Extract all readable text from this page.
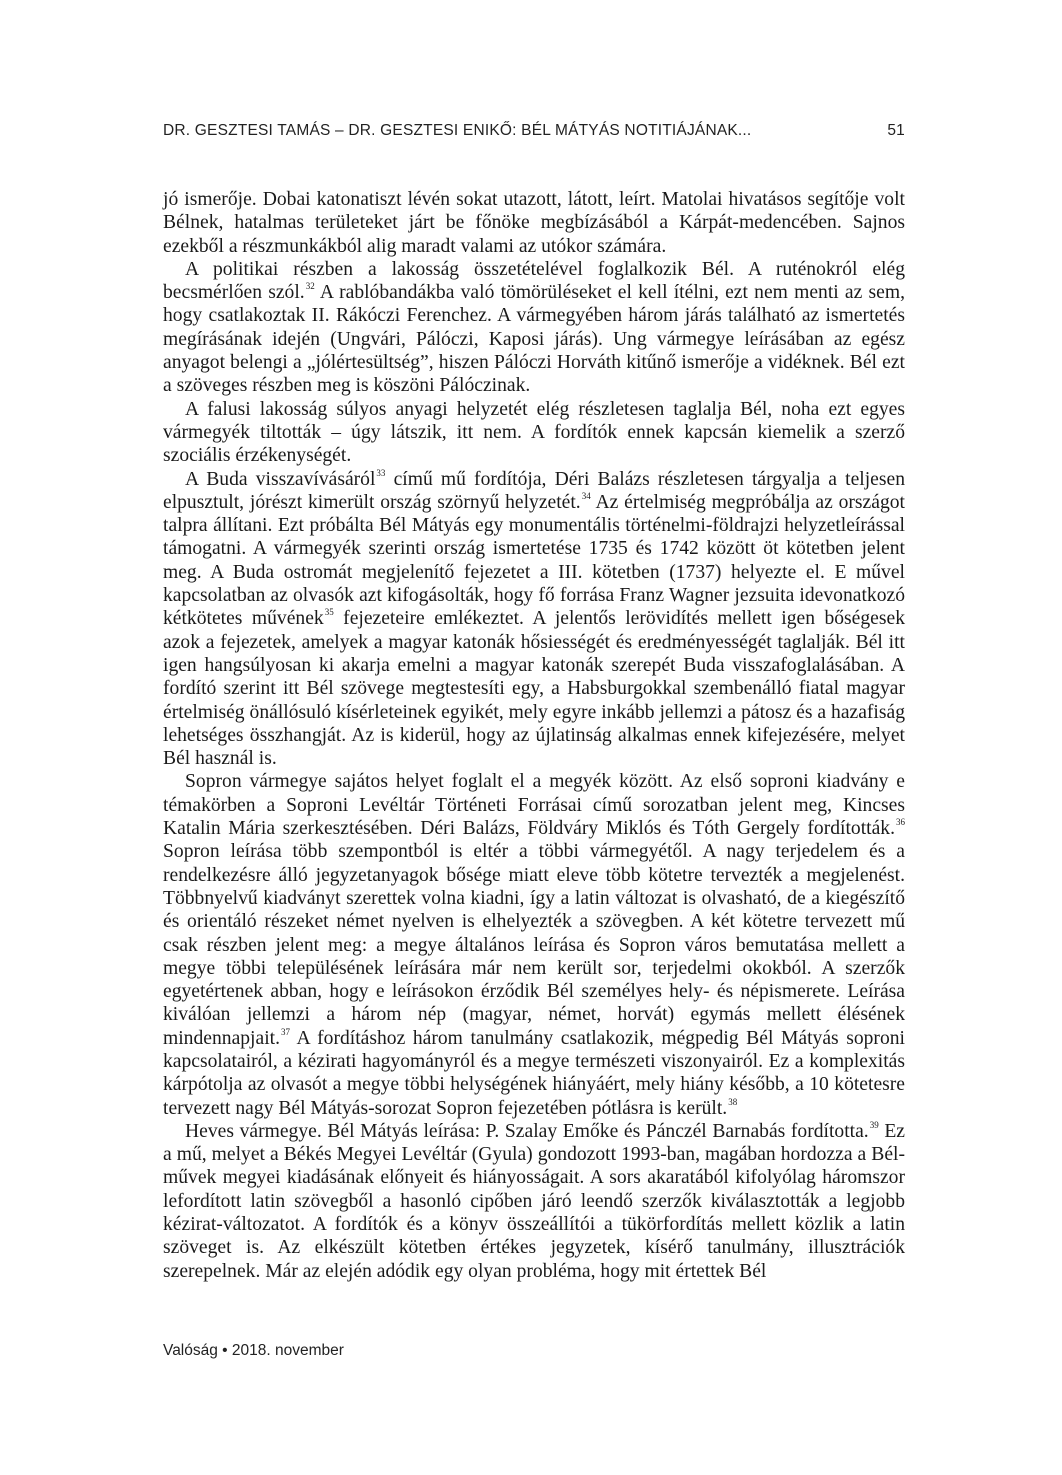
DR. GESZTESI TAMÁS – DR. GESZTESI ENIKŐ: BÉL MÁTYÁS NOTITIÁJÁNAK...	51

jó ismerője. Dobai katonatiszt lévén sokat utazott, látott, leírt. Matolai hivatásos segítője volt Bélnek, hatalmas területeket járt be főnöke megbízásából a Kárpát-medencében. Sajnos ezekből a részmunkákból alig maradt valami az utókor számára.

A politikai részben a lakosság összetételével foglalkozik Bél. A ruténokról elég becsmérlően szól.$^{32}$ A rablóbandákba való tömörüléseket el kell ítélni, ezt nem menti az sem, hogy csatlakoztak II. Rákóczi Ferenchez. A vármegyében három járás található az ismertetés megírásának idején (Ungvári, Pálóczi, Kaposi járás). Ung vármegye leírásában az egész anyagot belengi a „jólértesültség”, hiszen Pálóczi Horváth kitűnő ismerője a vidéknek. Bél ezt a szöveges részben meg is köszöni Pálóczinak.

A falusi lakosság súlyos anyagi helyzetét elég részletesen taglalja Bél, noha ezt egyes vármegyék tiltották – úgy látszik, itt nem. A fordítók ennek kapcsán kiemelik a szerző szociális érzékenységét.

A Buda visszavívásáról$^{33}$ című mű fordítója, Déri Balázs részletesen tárgyalja a teljesen elpusztult, jórészt kimerült ország szörnyű helyzetét.$^{34}$ Az értelmiség megpróbálja az országot talpra állítani. Ezt próbálta Bél Mátyás egy monumentális történelmi-földrajzi helyzetleírással támogatni. A vármegyék szerinti ország ismertetése 1735 és 1742 között öt kötetben jelent meg. A Buda ostromát megjelenítő fejezetet a III. kötetben (1737) helyezte el. E művel kapcsolatban az olvasók azt kifogásolták, hogy fő forrása Franz Wagner jezsuita idevonatkozó kétkötetes művének$^{35}$ fejezeteire emlékeztet. A jelentős lerövidítés mellett igen bőségesek azok a fejezetek, amelyek a magyar katonák hősiességét és eredményességét taglalják. Bél itt igen hangsúlyosan ki akarja emelni a magyar katonák szerepét Buda visszafoglalásában. A fordító szerint itt Bél szövege megtestesíti egy, a Habsburgokkal szembenálló fiatal magyar értelmiség önállósuló kísérleteinek egyikét, mely egyre inkább jellemzi a pátosz és a hazafiság lehetséges összhangját. Az is kiderül, hogy az újlatinság alkalmas ennek kifejezésére, melyet Bél használ is.

Sopron vármegye sajátos helyet foglalt el a megyék között. Az első soproni kiadvány e témakörben a Soproni Levéltár Történeti Forrásai című sorozatban jelent meg, Kincses Katalin Mária szerkesztésében. Déri Balázs, Földváry Miklós és Tóth Gergely fordították.$^{36}$ Sopron leírása több szempontból is eltér a többi vármegyétől. A nagy terjedelem és a rendelkezésre álló jegyzetanyagok bősége miatt eleve több kötetre tervezték a megjelenést. Többnyelvű kiadványt szerettek volna kiadni, így a latin változat is olvasható, de a kiegészítő és orientáló részeket német nyelven is elhelyezték a szövegben. A két kötetre tervezett mű csak részben jelent meg: a megye általános leírása és Sopron város bemutatása mellett a megye többi településének leírására már nem került sor, terjedelmi okokból. A szerzők egyetértenek abban, hogy e leírásokon érződik Bél személyes hely- és népismerete. Leírása kiválóan jellemzi a három nép (magyar, német, horvát) egymás mellett élésének mindennapjait.$^{37}$ A fordításhoz három tanulmány csatlakozik, mégpedig Bél Mátyás soproni kapcsolatairól, a kézirati hagyományról és a megye természeti viszonyairól. Ez a komplexitás kárpótolja az olvasót a megye többi helységének hiányáért, mely hiány később, a 10 kötetesre tervezett nagy Bél Mátyás-sorozat Sopron fejezetében pótlásra is került.$^{38}$

Heves vármegye. Bél Mátyás leírása: P. Szalay Emőke és Pánczél Barnabás fordította.$^{39}$ Ez a mű, melyet a Békés Megyei Levéltár (Gyula) gondozott 1993-ban, magában hordozza a Bél-művek megyei kiadásának előnyeit és hiányosságait. A sors akaratából kifolyólag háromszor lefordított latin szövegből a hasonló cipőben járó leendő szerzők kiválasztották a legjobb kézirat-változatot. A fordítók és a könyv összeállítói a tükörfordítás mellett közlik a latin szöveget is. Az elkészült kötetben értékes jegyzetek, kísérő tanulmány, illusztrációk szerepelnek. Már az elején adódik egy olyan probléma, hogy mit értettek Bél

Valóság • 2018. november
